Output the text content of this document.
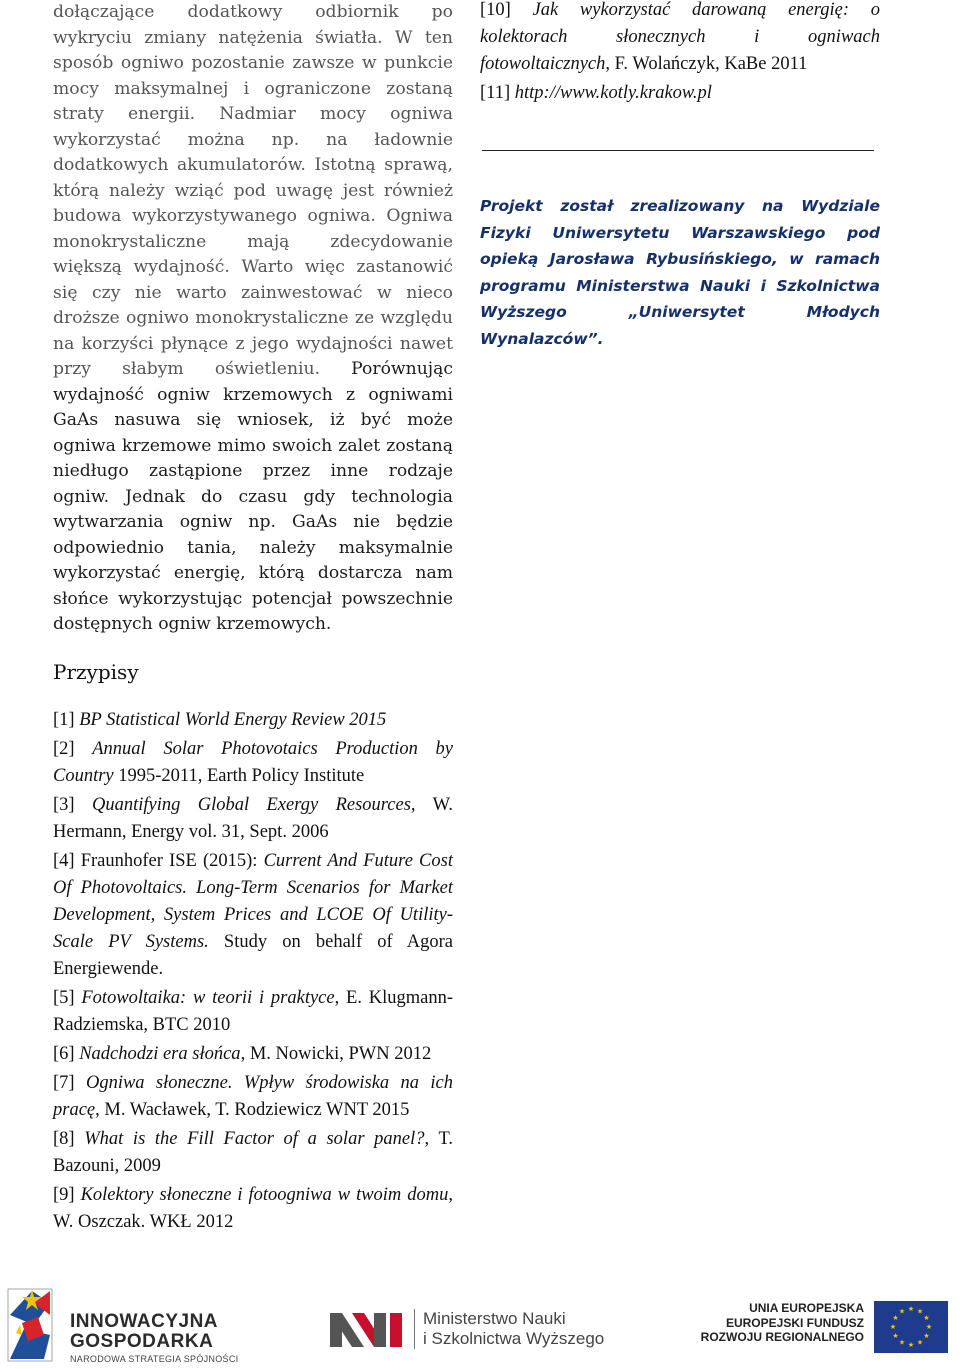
dołączające dodatkowy odbiornik po wykryciu zmiany natężenia światła. W ten sposób ogniwo pozostanie zawsze w punkcie mocy maksymalnej i ograniczone zostaną straty energii. Nadmiar mocy ogniwa wykorzystać można np. na ładownie dodatkowych akumulatorów. Istotną sprawą, którą należy wziąć pod uwagę jest również budowa wykorzystywanego ogniwa. Ogniwa monokrystaliczne mają zdecydowanie większą wydajność. Warto więc zastanowić się czy nie warto zainwestować w nieco droższe ogniwo monokrystaliczne ze względu na korzyści płynące z jego wydajności nawet przy słabym oświetleniu. Porównując wydajność ogniw krzemowych z ogniwami GaAs nasuwa się wniosek, iż być może ogniwa krzemowe mimo swoich zalet zostaną niedługo zastąpione przez inne rodzaje ogniw. Jednak do czasu gdy technologia wytwarzania ogniw np. GaAs nie będzie odpowiednio tania, należy maksymalnie wykorzystać energię, którą dostarcza nam słońce wykorzystując potencjał powszechnie dostępnych ogniw krzemowych.

Przypisy

[1] BP Statistical World Energy Review 2015

[2] Annual Solar Photovotaics Production by Country 1995-2011, Earth Policy Institute

[3] Quantifying Global Exergy Resources, W. Hermann, Energy vol. 31, Sept. 2006

[4] Fraunhofer ISE (2015): Current And Future Cost Of Photovoltaics. Long-Term Scenarios for Market Development, System Prices and LCOE Of Utility-Scale PV Systems. Study on behalf of Agora Energiewende.

[5] Fotowoltaika: w teorii i praktyce, E. Klugmann-Radziemska, BTC 2010

[6] Nadchodzi era słońca, M. Nowicki, PWN 2012

[7] Ogniwa słoneczne. Wpływ środowiska na ich pracę, M. Wacławek, T. Rodziewicz WNT 2015

[8] What is the Fill Factor of a solar panel?, T. Bazouni, 2009

[9] Kolektory słoneczne i fotoogniwa w twoim domu, W. Oszczak. WKŁ 2012

[10] Jak wykorzystać darowaną energię: o kolektorach słonecznych i ogniwach fotowoltaicznych, F. Wolańczyk, KaBe 2011

[11] http://www.kotly.krakow.pl

Projekt został zrealizowany na Wydziale Fizyki Uniwersytetu Warszawskiego pod opieką Jarosława Rybusińskiego, w ramach programu Ministerstwa Nauki i Szkolnictwa Wyższego „Uniwersytet Młodych Wynalazców”.

INNOWACYJNA
GOSPODARKA
NARODOWA STRATEGIA SPÓJNOŚCI
Ministerstwo Nauki
i Szkolnictwa Wyższego
UNIA EUROPEJSKA
EUROPEJSKI FUNDUSZ
ROZWOJU REGIONALNEGO
★ ★
★
★
★
★
★
★
★
★
★
★
